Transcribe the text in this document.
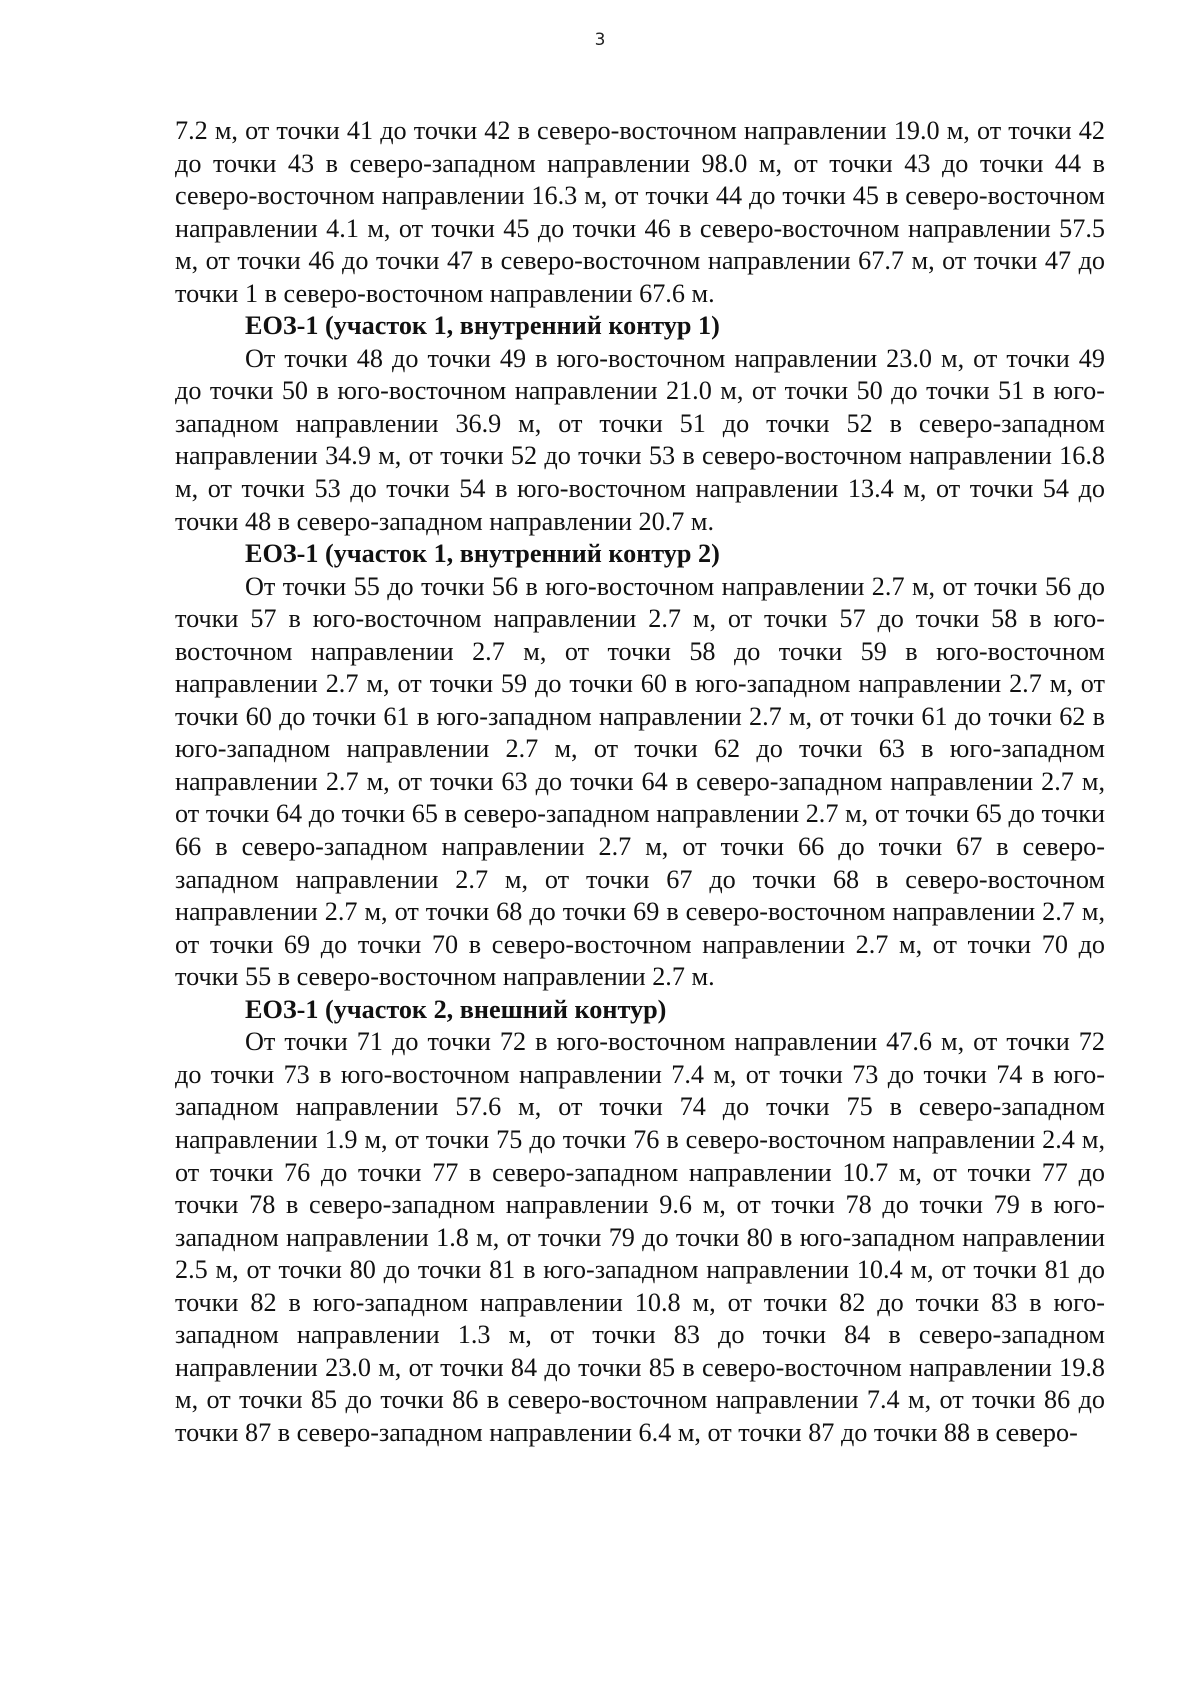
3

7.2 м, от точки 41 до точки 42 в северо-восточном направлении 19.0 м, от точки 42 до точки 43 в северо-западном направлении 98.0 м, от точки 43 до точки 44 в северо-восточном направлении 16.3 м, от точки 44 до точки 45 в северо-восточном направлении 4.1 м, от точки 45 до точки 46 в северо-восточном направлении 57.5 м, от точки 46 до точки 47 в северо-восточном направлении 67.7 м, от точки 47 до точки 1 в северо-восточном направлении 67.6 м.

ЕОЗ-1 (участок 1, внутренний контур 1)

От точки 48 до точки 49 в юго-восточном направлении 23.0 м, от точки 49 до точки 50 в юго-восточном направлении 21.0 м, от точки 50 до точки 51 в юго-западном направлении 36.9 м, от точки 51 до точки 52 в северо-западном направлении 34.9 м, от точки 52 до точки 53 в северо-восточном направлении 16.8 м, от точки 53 до точки 54 в юго-восточном направлении 13.4 м, от точки 54 до точки 48 в северо-западном направлении 20.7 м.

ЕОЗ-1 (участок 1, внутренний контур 2)

От точки 55 до точки 56 в юго-восточном направлении 2.7 м, от точки 56 до точки 57 в юго-восточном направлении 2.7 м, от точки 57 до точки 58 в юго-восточном направлении 2.7 м, от точки 58 до точки 59 в юго-восточном направлении 2.7 м, от точки 59 до точки 60 в юго-западном направлении 2.7 м, от точки 60 до точки 61 в юго-западном направлении 2.7 м, от точки 61 до точки 62 в юго-западном направлении 2.7 м, от точки 62 до точки 63 в юго-западном направлении 2.7 м, от точки 63 до точки 64 в северо-западном направлении 2.7 м, от точки 64 до точки 65 в северо-западном направлении 2.7 м, от точки 65 до точки 66 в северо-западном направлении 2.7 м, от точки 66 до точки 67 в северо-западном направлении 2.7 м, от точки 67 до точки 68 в северо-восточном направлении 2.7 м, от точки 68 до точки 69 в северо-восточном направлении 2.7 м, от точки 69 до точки 70 в северо-восточном направлении 2.7 м, от точки 70 до точки 55 в северо-восточном направлении 2.7 м.

ЕОЗ-1 (участок 2, внешний контур)

От точки 71 до точки 72 в юго-восточном направлении 47.6 м, от точки 72 до точки 73 в юго-восточном направлении 7.4 м, от точки 73 до точки 74 в юго-западном направлении 57.6 м, от точки 74 до точки 75 в северо-западном направлении 1.9 м, от точки 75 до точки 76 в северо-восточном направлении 2.4 м, от точки 76 до точки 77 в северо-западном направлении 10.7 м, от точки 77 до точки 78 в северо-западном направлении 9.6 м, от точки 78 до точки 79 в юго-западном направлении 1.8 м, от точки 79 до точки 80 в юго-западном направлении 2.5 м, от точки 80 до точки 81 в юго-западном направлении 10.4 м, от точки 81 до точки 82 в юго-западном направлении 10.8 м, от точки 82 до точки 83 в юго-западном направлении 1.3 м, от точки 83 до точки 84 в северо-западном направлении 23.0 м, от точки 84 до точки 85 в северо-восточном направлении 19.8 м, от точки 85 до точки 86 в северо-восточном направлении 7.4 м, от точки 86 до точки 87 в северо-западном направлении 6.4 м, от точки 87 до точки 88 в северо-
